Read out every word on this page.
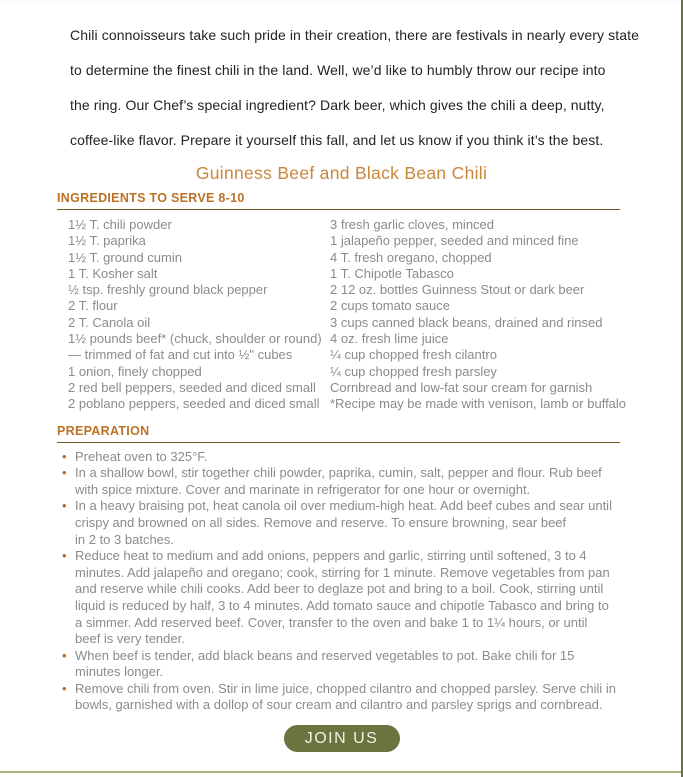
Chili connoisseurs take such pride in their creation, there are festivals in nearly every state
to determine the finest chili in the land. Well, we’d like to humbly throw our recipe into
the ring. Our Chef’s special ingredient? Dark beer, which gives the chili a deep, nutty,
coffee-like flavor. Prepare it yourself this fall, and let us know if you think it’s the best.
Guinness Beef and Black Bean Chili
INGREDIENTS TO SERVE 8-10
1½ T. chili powder
1½ T. paprika
1½ T. ground cumin
1 T. Kosher salt
½ tsp. freshly ground black pepper
2 T. flour
2 T. Canola oil
1½ pounds beef* (chuck, shoulder or round)
— trimmed of fat and cut into ½" cubes
1 onion, finely chopped
2 red bell peppers, seeded and diced small
2 poblano peppers, seeded and diced small
3 fresh garlic cloves, minced
1 jalapeño pepper, seeded and minced fine
4 T. fresh oregano, chopped
1 T. Chipotle Tabasco
2 12 oz. bottles Guinness Stout or dark beer
2 cups tomato sauce
3 cups canned black beans, drained and rinsed
4 oz. fresh lime juice
¼ cup chopped fresh cilantro
¼ cup chopped fresh parsley
Cornbread and low-fat sour cream for garnish
*Recipe may be made with venison, lamb or buffalo
PREPARATION
• Preheat oven to 325°F.
• In a shallow bowl, stir together chili powder, paprika, cumin, salt, pepper and flour. Rub beef
with spice mixture. Cover and marinate in refrigerator for one hour or overnight.
• In a heavy braising pot, heat canola oil over medium-high heat. Add beef cubes and sear until
crispy and browned on all sides. Remove and reserve. To ensure browning, sear beef
in 2 to 3 batches.
• Reduce heat to medium and add onions, peppers and garlic, stirring until softened, 3 to 4
minutes. Add jalapeño and oregano; cook, stirring for 1 minute. Remove vegetables from pan
and reserve while chili cooks. Add beer to deglaze pot and bring to a boil. Cook, stirring until
liquid is reduced by half, 3 to 4 minutes. Add tomato sauce and chipotle Tabasco and bring to
a simmer. Add reserved beef. Cover, transfer to the oven and bake 1 to 1¼ hours, or until
beef is very tender.
• When beef is tender, add black beans and reserved vegetables to pot. Bake chili for 15
minutes longer.
• Remove chili from oven. Stir in lime juice, chopped cilantro and chopped parsley. Serve chili in
bowls, garnished with a dollop of sour cream and cilantro and parsley sprigs and cornbread.
JOIN US
